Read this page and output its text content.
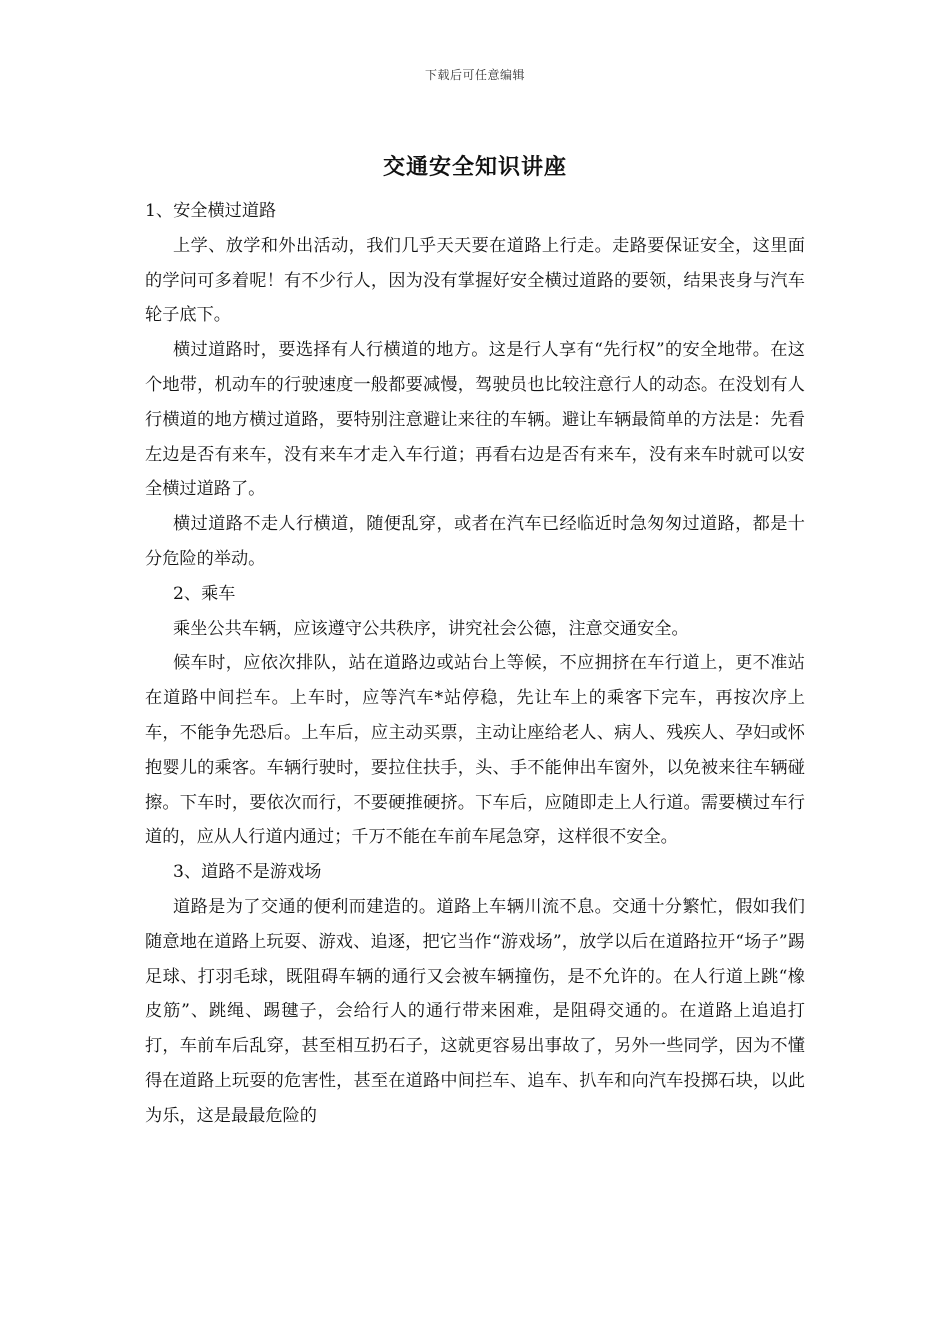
下载后可任意编辑
交通安全知识讲座

1、安全横过道路

上学、放学和外出活动，我们几乎天天要在道路上行走。走路要保证安全，这里面的学问可多着呢！有不少行人，因为没有掌握好安全横过道路的要领，结果丧身与汽车轮子底下。

横过道路时，要选择有人行横道的地方。这是行人享有“先行权”的安全地带。在这个地带，机动车的行驶速度一般都要减慢，驾驶员也比较注意行人的动态。在没划有人行横道的地方横过道路，要特别注意避让来往的车辆。避让车辆最简单的方法是：先看左边是否有来车，没有来车才走入车行道；再看右边是否有来车，没有来车时就可以安全横过道路了。

横过道路不走人行横道，随便乱穿，或者在汽车已经临近时急匆匆过道路，都是十分危险的举动。

2、乘车

乘坐公共车辆，应该遵守公共秩序，讲究社会公德，注意交通安全。

候车时，应依次排队，站在道路边或站台上等候，不应拥挤在车行道上，更不准站在道路中间拦车。上车时，应等汽车*站停稳，先让车上的乘客下完车，再按次序上车，不能争先恐后。上车后，应主动买票，主动让座给老人、病人、残疾人、孕妇或怀抱婴儿的乘客。车辆行驶时，要拉住扶手，头、手不能伸出车窗外，以免被来往车辆碰擦。下车时，要依次而行，不要硬推硬挤。下车后，应随即走上人行道。需要横过车行道的，应从人行道内通过；千万不能在车前车尾急穿，这样很不安全。

3、道路不是游戏场

道路是为了交通的便利而建造的。道路上车辆川流不息。交通十分繁忙，假如我们随意地在道路上玩耍、游戏、追逐，把它当作“游戏场”，放学以后在道路拉开“场子”踢足球、打羽毛球，既阻碍车辆的通行又会被车辆撞伤，是不允许的。在人行道上跳“橡皮筋”、跳绳、踢毽子，会给行人的通行带来困难，是阻碍交通的。在道路上追追打打，车前车后乱穿，甚至相互扔石子，这就更容易出事故了，另外一些同学，因为不懂得在道路上玩耍的危害性，甚至在道路中间拦车、追车、扒车和向汽车投掷石块，以此为乐，这是最最危险的
